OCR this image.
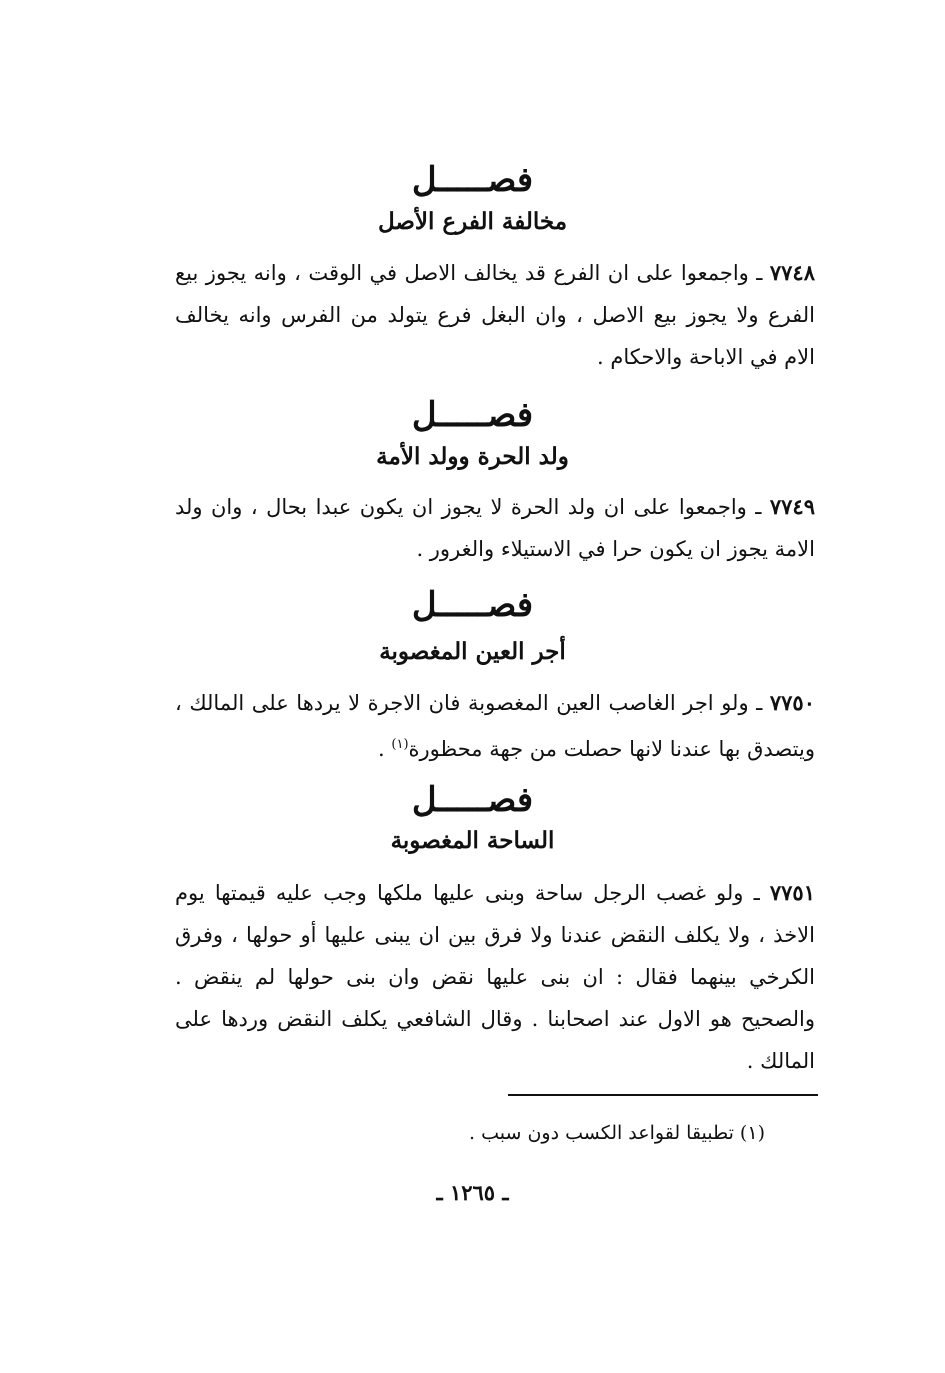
فصـــــل
مخالفة الفرع الأصل
٧٧٤٨ ـ واجمعوا على ان الفرع قد يخالف الاصل في الوقت ، وانه يجوز بيع الفرع ولا يجوز بيع الاصل ، وان البغل فرع يتولد من الفرس وانه يخالف الام في الاباحة والاحكام .
فصـــــل
ولد الحرة وولد الأمة
٧٧٤٩ ـ واجمعوا على ان ولد الحرة لا يجوز ان يكون عبدا بحال ، وان ولد الامة يجوز ان يكون حرا في الاستيلاء والغرور .
فصـــــل
أجر العين المغصوبة
٧٧٥٠ ـ ولو اجر الغاصب العين المغصوبة فان الاجرة لا يردها على المالك ، ويتصدق بها عندنا لانها حصلت من جهة محظورة$^{(١)}$ .
فصـــــل
الساحة المغصوبة
٧٧٥١ ـ ولو غصب الرجل ساحة وبنى عليها ملكها وجب عليه قيمتها يوم الاخذ ، ولا يكلف النقض عندنا ولا فرق بين ان يبنى عليها أو حولها ، وفرق الكرخي بينهما فقال : ان بنى عليها نقض وان بنى حولها لم ينقض . والصحيح هو الاول عند اصحابنا . وقال الشافعي يكلف النقض وردها على المالك .
(١) تطبيقا لقواعد الكسب دون سبب .
ـ ١٢٦٥ ـ
